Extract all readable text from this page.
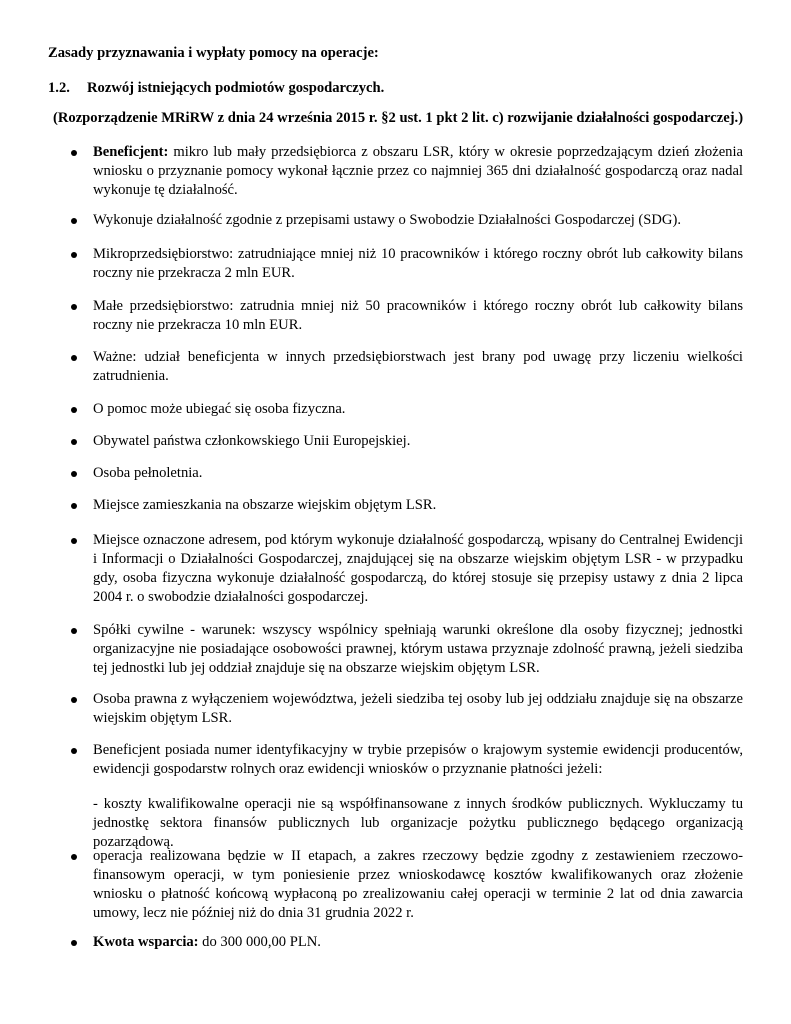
Zasady przyznawania i wypłaty pomocy na operacje:
1.2. Rozwój istniejących podmiotów gospodarczych.
(Rozporządzenie MRiRW z dnia 24 września 2015 r. §2 ust. 1 pkt 2 lit. c) rozwijanie działalności gospodarczej.)
Beneficjent: mikro lub mały przedsiębiorca z obszaru LSR, który w okresie poprzedzającym dzień złożenia wniosku o przyznanie pomocy wykonał łącznie przez co najmniej 365 dni działalność gospodarczą oraz nadal wykonuje tę działalność.
Wykonuje działalność zgodnie z przepisami ustawy o Swobodzie Działalności Gospodarczej (SDG).
Mikroprzedsiębiorstwo: zatrudniające mniej niż 10 pracowników i którego roczny obrót lub całkowity bilans roczny nie przekracza 2 mln EUR.
Małe przedsiębiorstwo: zatrudnia mniej niż 50 pracowników i którego roczny obrót lub całkowity bilans roczny nie przekracza 10 mln EUR.
Ważne: udział beneficjenta w innych przedsiębiorstwach jest brany pod uwagę przy liczeniu wielkości zatrudnienia.
O pomoc może ubiegać się osoba fizyczna.
Obywatel państwa członkowskiego Unii Europejskiej.
Osoba pełnoletnia.
Miejsce zamieszkania na obszarze wiejskim objętym LSR.
Miejsce oznaczone adresem, pod którym wykonuje działalność gospodarczą, wpisany do Centralnej Ewidencji i Informacji o Działalności Gospodarczej, znajdującej się na obszarze wiejskim objętym LSR - w przypadku gdy, osoba fizyczna wykonuje działalność gospodarczą, do której stosuje się przepisy ustawy z dnia 2 lipca 2004 r. o swobodzie działalności gospodarczej.
Spółki cywilne - warunek: wszyscy wspólnicy spełniają warunki określone dla osoby fizycznej; jednostki organizacyjne nie posiadające osobowości prawnej, którym ustawa przyznaje zdolność prawną, jeżeli siedziba tej jednostki lub jej oddział znajduje się na obszarze wiejskim objętym LSR.
Osoba prawna z wyłączeniem województwa, jeżeli siedziba tej osoby lub jej oddziału znajduje się na obszarze wiejskim objętym LSR.
Beneficjent posiada numer identyfikacyjny w trybie przepisów o krajowym systemie ewidencji producentów, ewidencji gospodarstw rolnych oraz ewidencji wniosków o przyznanie płatności jeżeli:
operacja realizowana będzie w II etapach, a zakres rzeczowy będzie zgodny z zestawieniem rzeczowo-finansowym operacji, w tym poniesienie przez wnioskodawcę kosztów kwalifikowanych oraz złożenie wniosku o płatność końcową wypłaconą po zrealizowaniu całej operacji w terminie 2 lat od dnia zawarcia umowy, lecz nie później niż do dnia 31 grudnia 2022 r.
Kwota wsparcia: do 300 000,00 PLN.
- koszty kwalifikowalne operacji nie są współfinansowane z innych środków publicznych. Wykluczamy tu jednostkę sektora finansów publicznych lub organizacje pożytku publicznego będącego organizacją pozarządową.
